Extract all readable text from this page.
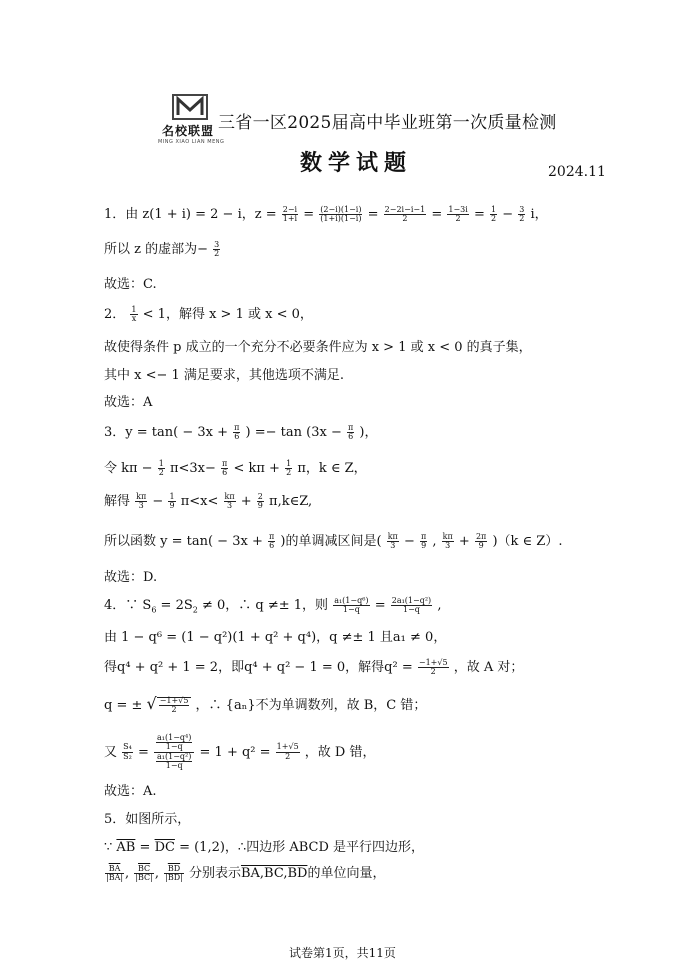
名校联盟
MING XIAO LIAN MENG
三省一区2025届高中毕业班第一次质量检测
数学试题	2024.11
1．由 z(1 + i) = 2 − i，$z = \frac{2-i}{1+i} = \frac{(2-i)(1-i)}{(1+i)(1-i)} = \frac{2-2i-i-1}{2} = \frac{1-3i}{2} = \frac{1}{2} - \frac{3}{2}$ i，
所以 z 的虚部为− $\frac{3}{2}$
故选：C.
2． $\frac{1}{x} < 1$，解得 x > 1 或 x < 0，
故使得条件 p 成立的一个充分不必要条件应为 x > 1 或 x < 0 的真子集，
其中 x <− 1 满足要求，其他选项不满足.
故选：A
3．$y = \tan( - 3x + \frac{\pi}{6}$ ) =− $\tan (3x - \frac{\pi}{6}$ )，
令 $k\pi - \frac{1}{2} \pi<3x- \frac{\pi}{6} < k\pi + \frac{1}{2}$ π，k ∈ Z，
解得 $\frac{k\pi}{3} - \frac{1}{9} \pi<x< \frac{k\pi}{3} + \frac{2}{9}$ π,k∈Z,
所以函数 $y = \tan( - 3x + \frac{\pi}{6}$ )的单调减区间是( $\frac{k\pi}{3} - \frac{\pi}{9}$ , $\frac{k\pi}{3} + \frac{2\pi}{9} )(k$ ∈ Z）.
故选：D.
4．∵ $S_6 = 2S_2 \ne 0$，∴ q ≠± 1，则 $\frac{\text{a₁(1−q⁶)}}{1-q} = \frac{\text{2a₁(1−q²)}}{1-q}$ ,
由 1 − q⁶ = (1 − q²)(1 + q² + q⁴)，q ≠± 1 且a₁ ≠ 0，
得q⁴ + q² + 1 = 2，即q⁴ + q² − 1 = 0，解得$q^2 = \frac{-1+√5}{2}$ ，故 A 对；
q = ± √ $\frac{-1+√5}{2}$ ，∴ {aₙ}不为单调数列，故 B，C 错；
又 $\frac{\text{S₄}}{\text{S₂}} = \frac{\frac{\text{a₁(1−q⁴)}}{1-q}}{\frac{\text{a₁(1−q²)}}{1-q}} = 1 + q^2 = \frac{1+√5}{2}$ ，故 D 错，
故选：A.
5．如图所示，
∵ $\overline{AB} = \overline{DC} = (1,2)$，∴四边形 ABCD 是平行四边形，
$\frac{\overline{BA}}{|BA|}$ , $\frac{\overline{BC}}{|BC|}$ , $\frac{\overline{BD}}{|BD|}$ 分别表示BA,BC,BD的单位向量，
试卷第1页，共11页
